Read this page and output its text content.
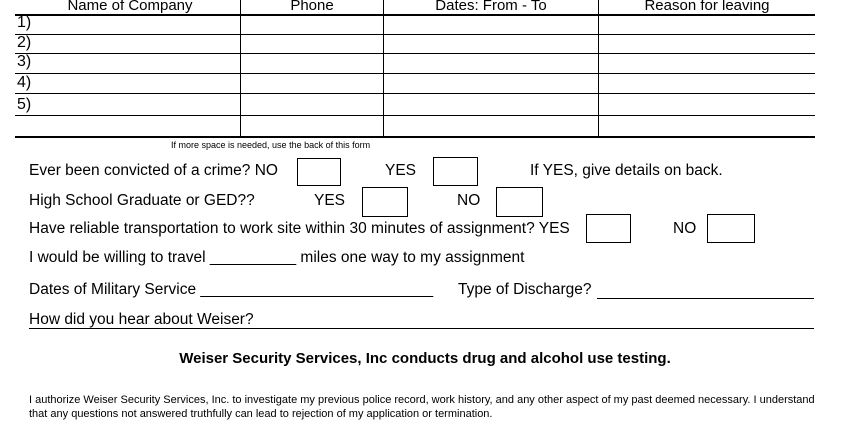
Name of Company	Phone	Dates: From - To	Reason for leaving
1)
2)
3)
4)
5)
If more space is needed, use the back of this form
Ever been convicted of a crime? NO	YES	If YES, give details on back.
High School Graduate or GED??	YES	NO
Have reliable transportation to work site within 30 minutes of assignment? YES	NO
I would be willing to travel __________ miles one way to my assignment
Dates of Military Service ___________________________ Type of Discharge?
How did you hear about Weiser?
Weiser Security Services, Inc conducts drug and alcohol use testing.
I authorize Weiser Security Services, Inc. to investigate my previous police record, work history, and any other aspect of my past deemed necessary. I understand that any questions not answered truthfully can lead to rejection of my application or termination.
